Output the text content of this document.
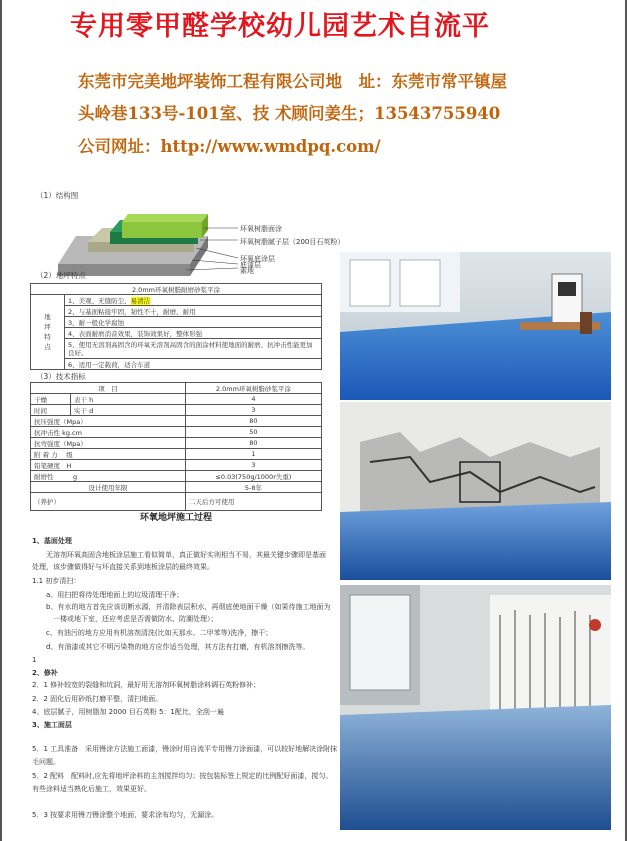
专用零甲醛学校幼儿园艺术自流平
东莞市完美地坪装饰工程有限公司地　址：东莞市常平镇屋
头岭巷133号-101室、技 术顾问姜生；13543755940
公司网址：http://www.wmdpq.com/
（1）结构图
环氧树脂面涂
环氧树脂腻子层（200目石英粉）
环氧底涂层
底漆层
素地
（2）地坪特点
2.0mm环氧树脂耐磨砂浆平涂

地
坪
特
点
	1、美观、无缝防尘、易清洁
2、与基面粘接牢固，韧性不十，耐磨、耐用
3、耐一般化学腐蚀
4、表面耐磨消音效果，装饰效果好，整体形强
5、使用无溶剂高固含的环氧无溶剂高固含的面涂材料使地面的耐磨、抗冲击性能更加良好。
6、适用一定载荷，适合车道
（3）技术指标
项　目		2.0mm环氧树脂砂浆平涂
干燥	表干 h	4
时间	实干 d	3
抗压强度（Mpa）		80
抗冲击性 kg.cm		50
抗弯强度（Mpa）		80
附 着 力 　级		1
铅笔硬度　H		3
耐磨性　　　g		≤0.03(750g/1000r失重)
设计使用年限		5-8年
（养护）		二天后方可使用
环氧地坪施工过程
1、基面处理
　　无溶剂环氧高固含地板涂层施工看似简单，真正做好实则相当不易，其最关键步骤即是基面
处理，该步骤做得好与坏直接关系到地板涂层的最终效果。
1.1 初步清扫：
　　a、用扫把将待处理地面上的垃圾清理干净；
　　b、有水的地方首先应该切断水源，并清除表层积水，再彻底使地面干燥（如果待施工地面为
　　　一楼或地下室，还应考虑是否需做防水、防潮处理）；
　　c、有油污的地方应用有机溶剂清洗(比如天那水、二甲苯等)洗净，擦干；
　　d、有油漆或其它不明污染物的地方应作适当处理，其方法有打磨，有机溶剂擦洗等。
1
2、修补
2．1 修补较宽的裂缝和坑洞，最好用无溶剂环氧树脂涂料调石英粉修补；
2．2 固化后用砂纸打磨平整，清扫地面。
4、底层腻子，用树脂加 2000 目石英粉 5：1配比，全刮一遍
3、施工面层
5．1 工具准备　采用镘涂方法施工面漆，镘涂时用自流平专用镘刀涂面漆，可以较好地解决涂附抹
毛问题。
5．2 配料　配料时,应先将地坪涂料的主剂搅拌均匀；按包装标签上规定的比例配好面漆，搅匀。
有些涂料适当熟化后施工，效果更好。
5．3 按要求用镘刀镘涂整个地面，要求涂布均匀，无漏涂。
